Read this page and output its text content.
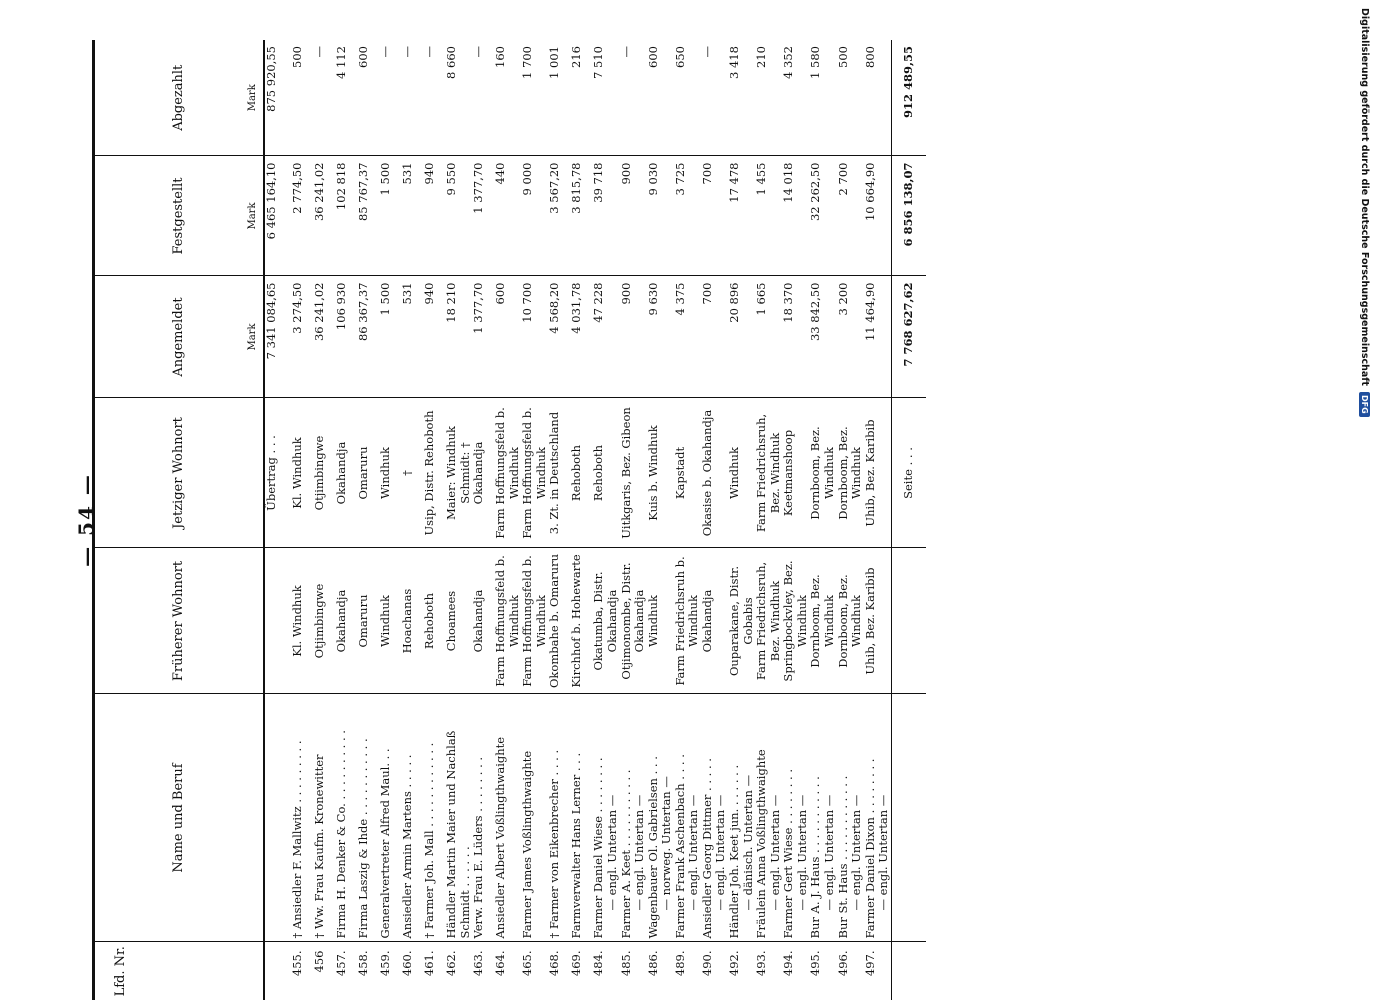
— 54 —
Lfd. Nr.	Name und Beruf	Früherer Wohnort	Jetziger Wohnort	Angemeldet Mark	Festgestellt Mark	Abgezahlt Mark

			Übertrag . . .	7 341 084,65	6 465 164,10	875 920,55
455.	† Ansiedler F. Mallwitz . . . . . . . . .	Kl. Windhuk	Kl. Windhuk	3 274,50	2 774,50	500
456	† Ww. Frau Kaufm. Kronewitter	Otjimbingwe	Otjimbingwe	36 241,02	36 241,02	—
457.	Firma H. Denker & Co. . . . . . . . . . .	Okahandja	Okahandja	106 930	102 818	4 112
458.	Firma Laszig & Ihde . . . . . . . . . . .	Omaruru	Omaruru	86 367,37	85 767,37	600
459.	Generalvertreter Alfred Maul. . .	Windhuk	Windhuk	1 500	1 500	—
460.	Ansiedler Armin Martens . . . . .	Hoachanas	†	531	531	—
461.	† Farmer Joh. Mall . . . . . . . . . . . .	Rehoboth	Usip, Distr. Rehoboth	940	940	—
462.	Händler Martin Maier und Nachlaß Schmidt . . . . . .	Choamees	Maier: Windhuk Schmidt: †	18 210	9 550	8 660
463.	Verw. Frau E. Lüders . . . . . . . .	Okahandja	Okahandja	1 377,70	1 377,70	—
464.	Ansiedler Albert Voßlingthwaighte	Farm Hoffnungsfeld b. Windhuk	Farm Hoffnungsfeld b. Windhuk	600	440	160
465.	Farmer James Voßlingthwaighte	Farm Hoffnungsfeld b. Windhuk	Farm Hoffnungsfeld b. Windhuk	10 700	9 000	1 700
468.	† Farmer von Eikenbrecher . . . .	Okombahe b. Omaruru	3. Zt. in Deutschland	4 568,20	3 567,20	1 001
469.	Farmverwalter Hans Lerner . . .	Kirchhof b. Hohewarte	Rehoboth	4 031,78	3 815,78	216
484.	Farmer Daniel Wiese . . . . . . . . — engl. Untertan —	Okatumba, Distr. Okahandja	Rehoboth	47 228	39 718	7 510
485.	Farmer A. Keet . . . . . . . . . . . — engl. Untertan —	Otjimonombe, Distr. Okahandja	Uitkgaris, Bez. Gibeon	900	900	—
486.	Wagenbauer Ol. Gabrielsen . . . — norweg. Untertan —	Windhuk	Kuis b. Windhuk	9 630	9 030	600
489.	Farmer Frank Aschenbach . . . . — engl. Untertan —	Farm Friedrichsruh b. Windhuk	Kapstadt	4 375	3 725	650
490.	Ansiedler Georg Dittmer . . . . . — engl. Untertan —	Okahandja	Okasise b. Okahandja	700	700	—
492.	Händler Joh. Keet jun. . . . . . . — dänisch. Untertan —	Ouparakane, Distr. Gobabis	Windhuk	20 896	17 478	3 418
493.	Fräulein Anna Voßlingthwaighte — engl. Untertan —	Farm Friedrichsruh, Bez. Windhuk	Farm Friedrichsruh, Bez. Windhuk	1 665	1 455	210
494.	Farmer Gert Wiese . . . . . . . . — engl. Untertan —	Springbockvley, Bez. Windhuk	Keetmanshoop	18 370	14 018	4 352
495.	Bur A. J. Haus . . . . . . . . . . . — engl. Untertan —	Dornboom, Bez. Windhuk	Dornboom, Bez. Windhuk	33 842,50	32 262,50	1 580
496.	Bur St. Haus . . . . . . . . . . . . — engl. Untertan —	Dornboom, Bez. Windhuk	Dornboom, Bez. Windhuk	3 200	2 700	500
497.	Farmer Daniel Dixon . . . . . . . . — engl. Untertan —	Uhib, Bez. Karibib	Uhib, Bez. Karibib	11 464,90	10 664,90	800
			Seite . . .	7 768 627,62	6 856 138,07	912 489,55	Digitalisierung gefördert durch die Deutsche Forschungsgemeinschaft
DFG
